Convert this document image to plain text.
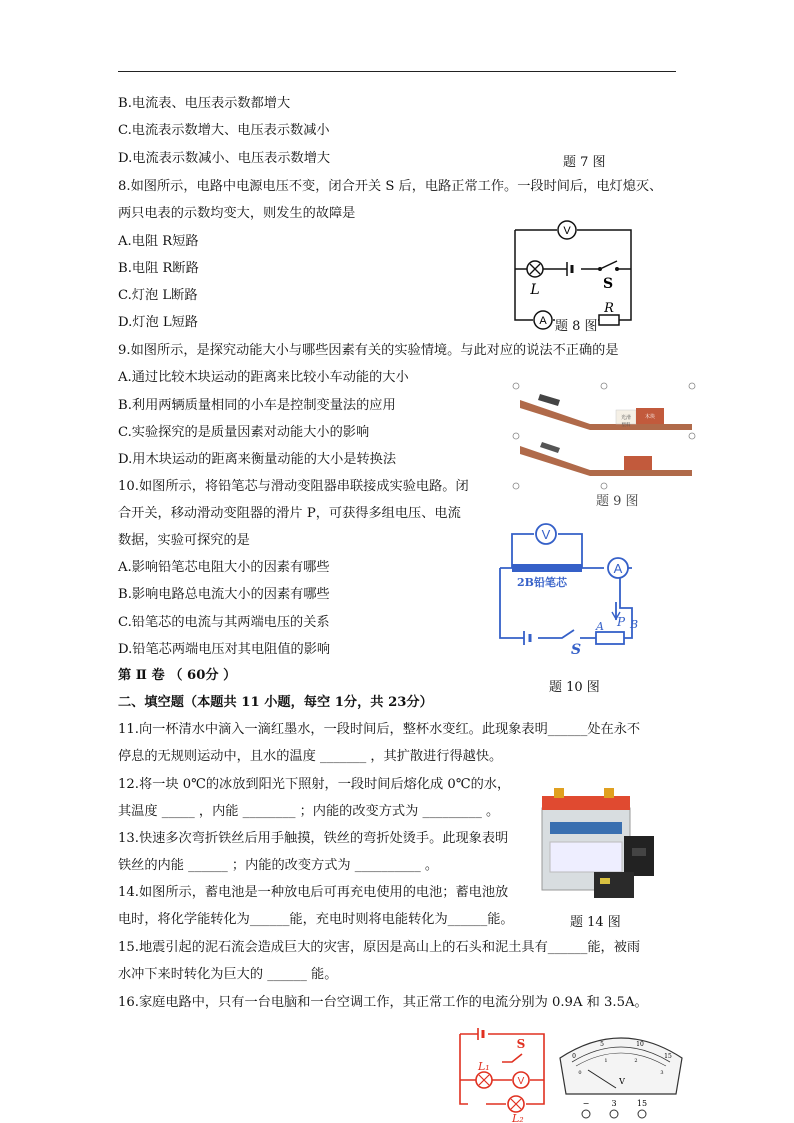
B.电流表、电压表示数都增大
C.电流表示数增大、电压表示数减小
D.电流表示数减小、电压表示数增大	题 7 图
8.如图所示，电路中电源电压不变，闭合开关 S 后，电路正常工作。一段时间后，电灯熄灭、
两只电表的示数均变大，则发生的故障是
A.电阻 R短路
B.电阻 R断路
C.灯泡 L断路
D.灯泡 L短路
9.如图所示，是探究动能大小与哪些因素有关的实验情境。与此对应的说法不正确的是
A.通过比较木块运动的距离来比较小车动能的大小
B.利用两辆质量相同的小车是控制变量法的应用
C.实验探究的是质量因素对动能大小的影响
D.用木块运动的距离来衡量动能的大小是转换法
10.如图所示，将铅笔芯与滑动变阻器串联接成实验电路。闭
合开关，移动滑动变阻器的滑片 P，可获得多组电压、电流
数据，实验可探究的是
A.影响铅笔芯电阻大小的因素有哪些
B.影响电路总电流大小的因素有哪些
C.铅笔芯的电流与其两端电压的关系
D.铅笔芯两端电压对其电阻值的影响
第 Ⅱ 卷 （ 60分 ）
题 10 图
二、填空题（本题共 11 小题，每空 1分，共 23分）
11.向一杯清水中滴入一滴红墨水，一段时间后，整杯水变红。此现象表明______处在永不
停息的无规则运动中，且水的温度 _______ ，其扩散进行得越快。
12.将一块 0℃的冰放到阳光下照射，一段时间后熔化成 0℃的水，
其温度 _____ ，内能 ________ ；内能的改变方式为 _________ 。
13.快速多次弯折铁丝后用手触摸，铁丝的弯折处烫手。此现象表明
铁丝的内能 ______ ；内能的改变方式为 __________ 。
14.如图所示，蓄电池是一种放电后可再充电使用的电池；蓄电池放
电时，将化学能转化为______能，充电时则将电能转化为______能。	题 14 图
15.地震引起的泥石流会造成巨大的灾害，原因是高山上的石头和泥土具有______能，被雨
水冲下来时转化为巨大的 ______ 能。
16.家庭电路中，只有一台电脑和一台空调工作，其正常工作的电流分别为 0.9A 和 3.5A。
V
L	S
A
R
题 8 图
光滑	木块
塑料
题 9 图
V
2B铅笔芯
A
P
A B
S
S
V
L₁
L₂
0
5	10
15
0
1	2
3
V
−	3	15
